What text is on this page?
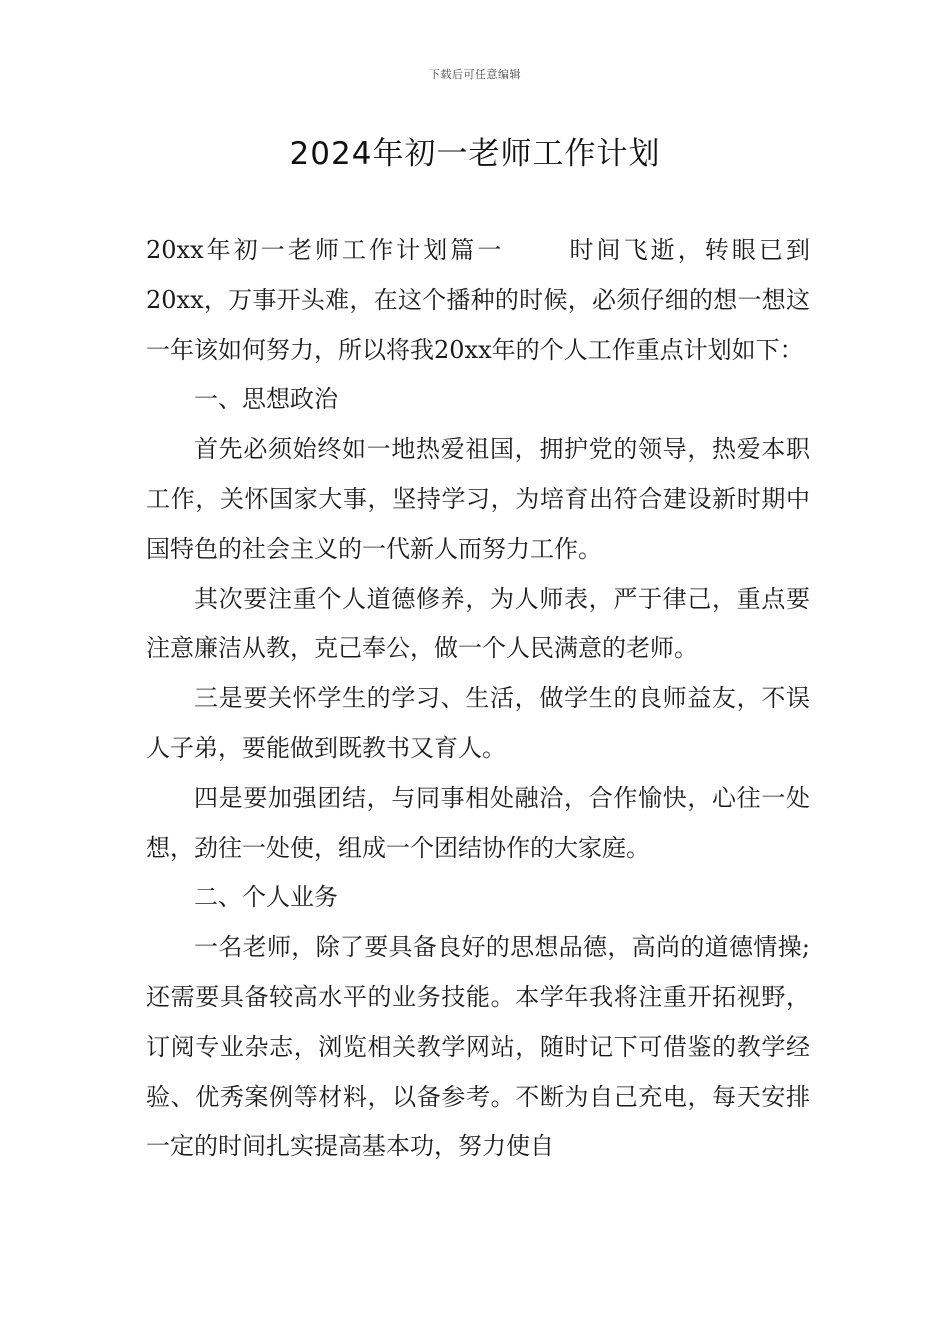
下载后可任意编辑
2024年初一老师工作计划

20xx年初一老师工作计划篇一	时间飞逝，转眼已到20xx，万事开头难，在这个播种的时候，必须仔细的想一想这一年该如何努力，所以将我20xx年的个人工作重点计划如下：

一、思想政治

首先必须始终如一地热爱祖国，拥护党的领导，热爱本职工作，关怀国家大事，坚持学习，为培育出符合建设新时期中国特色的社会主义的一代新人而努力工作。

其次要注重个人道德修养，为人师表，严于律己，重点要注意廉洁从教，克己奉公，做一个人民满意的老师。

三是要关怀学生的学习、生活，做学生的良师益友，不误人子弟，要能做到既教书又育人。

四是要加强团结，与同事相处融洽，合作愉快，心往一处想，劲往一处使，组成一个团结协作的大家庭。

二、个人业务

一名老师，除了要具备良好的思想品德，高尚的道德情操;还需要具备较高水平的业务技能。本学年我将注重开拓视野，订阅专业杂志，浏览相关教学网站，随时记下可借鉴的教学经验、优秀案例等材料，以备参考。不断为自己充电，每天安排一定的时间扎实提高基本功，努力使自
